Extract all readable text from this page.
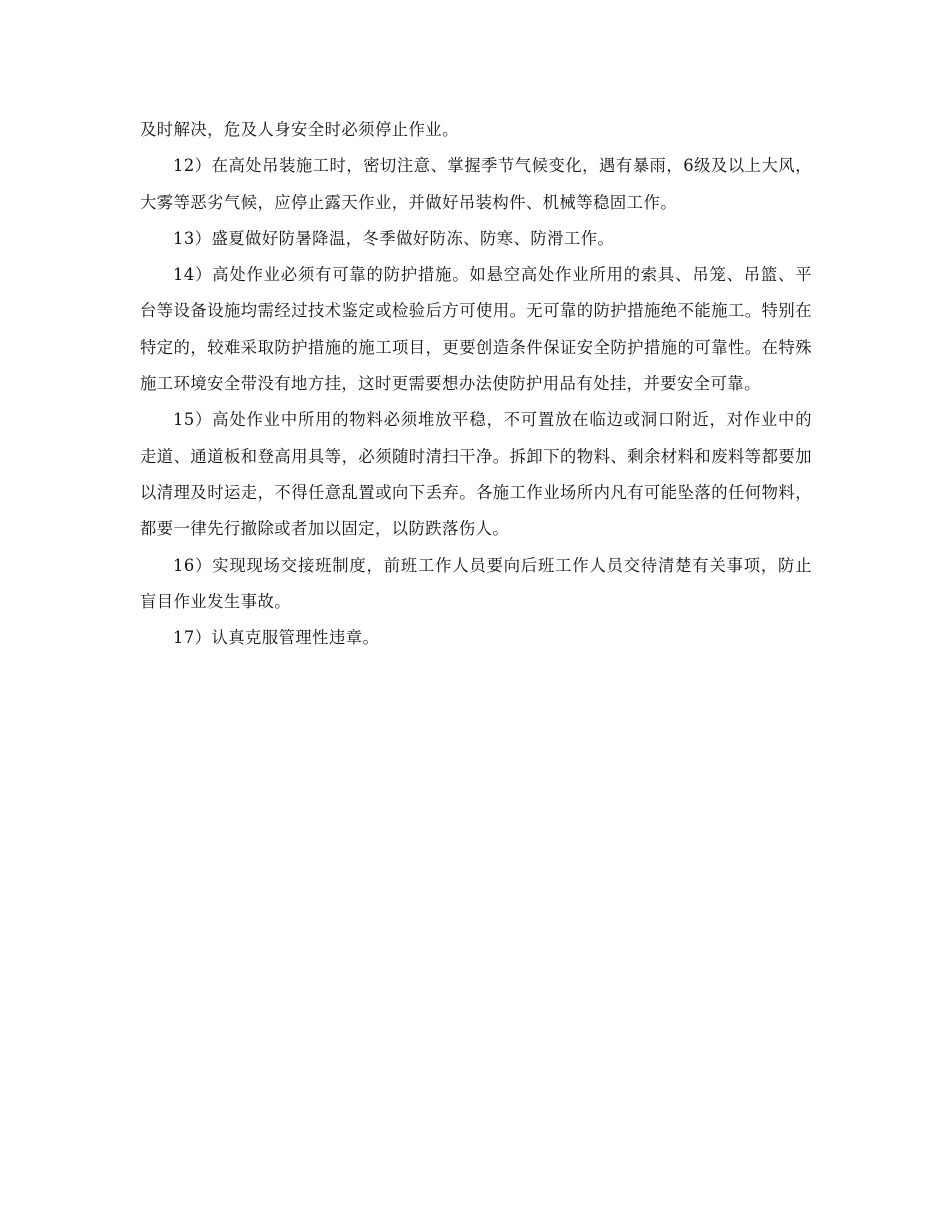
及时解决，危及人身安全时必须停止作业。

12）在高处吊装施工时，密切注意、掌握季节气候变化，遇有暴雨，6级及以上大风，大雾等恶劣气候，应停止露天作业，并做好吊装构件、机械等稳固工作。

13）盛夏做好防暑降温，冬季做好防冻、防寒、防滑工作。

14）高处作业必须有可靠的防护措施。如悬空高处作业所用的索具、吊笼、吊篮、平台等设备设施均需经过技术鉴定或检验后方可使用。无可靠的防护措施绝不能施工。特别在特定的，较难采取防护措施的施工项目，更要创造条件保证安全防护措施的可靠性。在特殊施工环境安全带没有地方挂，这时更需要想办法使防护用品有处挂，并要安全可靠。

15）高处作业中所用的物料必须堆放平稳，不可置放在临边或洞口附近，对作业中的走道、通道板和登高用具等，必须随时清扫干净。拆卸下的物料、剩余材料和废料等都要加以清理及时运走，不得任意乱置或向下丢弃。各施工作业场所内凡有可能坠落的任何物料，都要一律先行撤除或者加以固定，以防跌落伤人。

16）实现现场交接班制度，前班工作人员要向后班工作人员交待清楚有关事项，防止盲目作业发生事故。

17）认真克服管理性违章。
